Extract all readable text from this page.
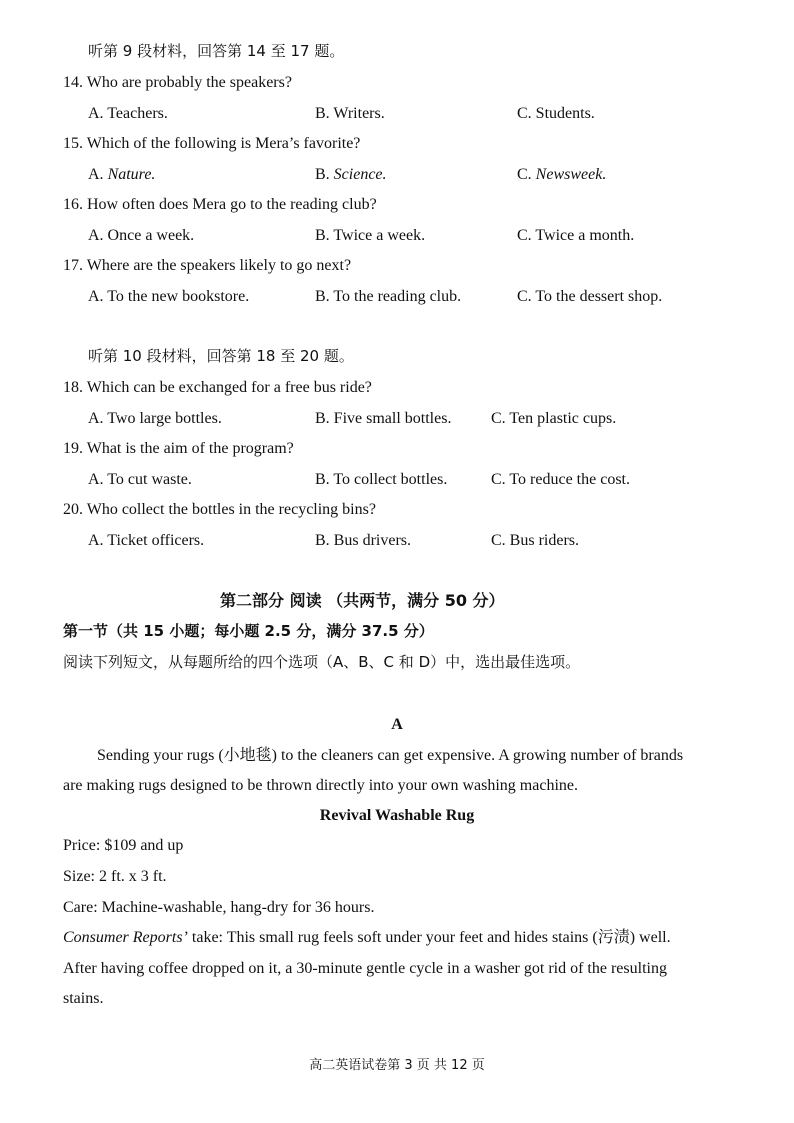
听第 9 段材料，回答第 14 至 17 题。
14. Who are probably the speakers?
A. Teachers.	B. Writers.	C. Students.
15. Which of the following is Mera’s favorite?
A. Nature.	B. Science.	C. Newsweek.
16. How often does Mera go to the reading club?
A. Once a week.	B. Twice a week.	C. Twice a month.
17. Where are the speakers likely to go next?
A. To the new bookstore.	B. To the reading club.	C. To the dessert shop.
听第 10 段材料，回答第 18 至 20 题。
18. Which can be exchanged for a free bus ride?
A. Two large bottles.	B. Five small bottles. C. Ten plastic cups.
19. What is the aim of the program?
A. To cut waste.	B. To collect bottles.	C. To reduce the cost.
20. Who collect the bottles in the recycling bins?
A. Ticket officers.	B. Bus drivers.	C. Bus riders.
第二部分 阅读 （共两节，满分 50 分）
第一节（共 15 小题；每小题 2.5 分，满分 37.5 分）
阅读下列短文，从每题所给的四个选项（A、B、C 和 D）中，选出最佳选项。
A
Sending your rugs (小地毯) to the cleaners can get expensive. A growing number of brands
are making rugs designed to be thrown directly into your own washing machine.
Revival Washable Rug
Price: $109 and up
Size: 2 ft. x 3 ft.
Care: Machine-washable, hang-dry for 36 hours.
Consumer Reports’ take: This small rug feels soft under your feet and hides stains (污渍) well.
After having coffee dropped on it, a 30-minute gentle cycle in a washer got rid of the resulting
stains.
高二英语试卷第 3 页 共 12 页
